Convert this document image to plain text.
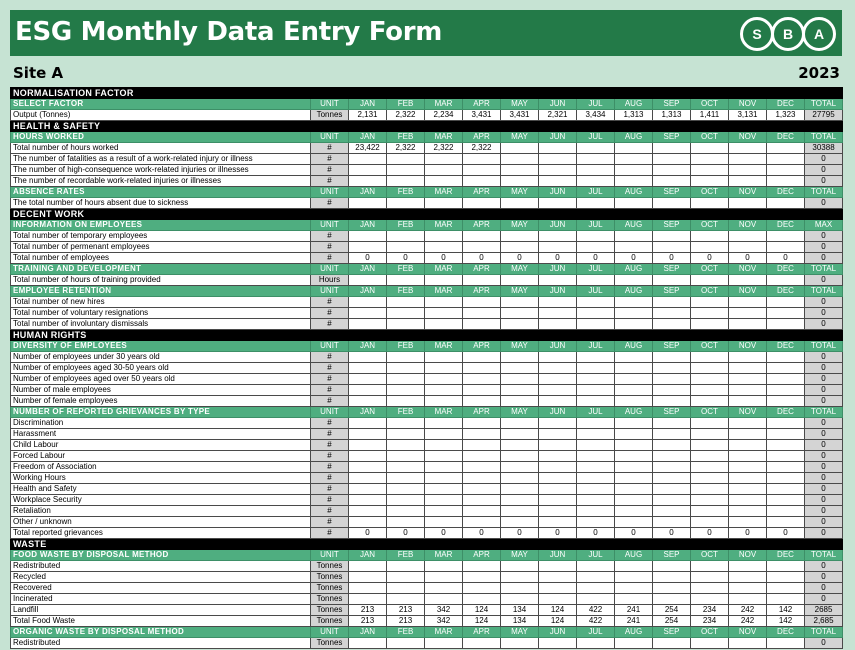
ESG Monthly Data Entry Form	S	B	A
Site A	2023
NORMALISATION FACTOR														
SELECT FACTOR	UNIT	JAN	FEB	MAR	APR	MAY	JUN	JUL	AUG	SEP	OCT	NOV	DEC	TOTAL
Output (Tonnes)	Tonnes	2,131	2,322	2,234	3,431	3,431	2,321	3,434	1,313	1,313	1,411	3,131	1,323	27795
HEALTH & SAFETY														
HOURS WORKED	UNIT	JAN	FEB	MAR	APR	MAY	JUN	JUL	AUG	SEP	OCT	NOV	DEC	TOTAL
Total number of hours worked	#	23,422	2,322	2,322	2,322									30388
The number of fatalities as a result of a work-related injury or illness	#													0
The number of high-consequence work-related injuries or illnesses	#													0
The number of recordable work-related injuries or illnesses	#													0
ABSENCE RATES	UNIT	JAN	FEB	MAR	APR	MAY	JUN	JUL	AUG	SEP	OCT	NOV	DEC	TOTAL
The total number of hours absent due to sickness	#													0
DECENT WORK														
INFORMATION ON EMPLOYEES	UNIT	JAN	FEB	MAR	APR	MAY	JUN	JUL	AUG	SEP	OCT	NOV	DEC	MAX
Total number of temporary employees	#													0
Total number of permenant employees	#													0
Total number of employees	#	0	0	0	0	0	0	0	0	0	0	0	0	0
TRAINING AND DEVELOPMENT	UNIT	JAN	FEB	MAR	APR	MAY	JUN	JUL	AUG	SEP	OCT	NOV	DEC	TOTAL
Total number of hours of training provided	Hours													0
EMPLOYEE RETENTION	UNIT	JAN	FEB	MAR	APR	MAY	JUN	JUL	AUG	SEP	OCT	NOV	DEC	TOTAL
Total number of new hires	#													0
Total number of voluntary resignations	#													0
Total number of involuntary dismissals	#													0
HUMAN RIGHTS														
DIVERSITY OF EMPLOYEES	UNIT	JAN	FEB	MAR	APR	MAY	JUN	JUL	AUG	SEP	OCT	NOV	DEC	TOTAL
Number of employees under 30 years old	#													0
Number of employees aged 30-50 years old	#													0
Number of employees aged over 50 years old	#													0
Number of male employees	#													0
Number of female employees	#													0
NUMBER OF REPORTED GRIEVANCES BY TYPE	UNIT	JAN	FEB	MAR	APR	MAY	JUN	JUL	AUG	SEP	OCT	NOV	DEC	TOTAL
Discrimination	#													0
Harassment	#													0
Child Labour	#													0
Forced Labour	#													0
Freedom of Association	#													0
Working Hours	#													0
Health and Safety	#													0
Workplace Security	#													0
Retaliation	#													0
Other / unknown	#													0
Total reported grievances	#	0	0	0	0	0	0	0	0	0	0	0	0	0
WASTE														
FOOD WASTE BY DISPOSAL METHOD	UNIT	JAN	FEB	MAR	APR	MAY	JUN	JUL	AUG	SEP	OCT	NOV	DEC	TOTAL
Redistributed	Tonnes													0
Recycled	Tonnes													0
Recovered	Tonnes													0
Incinerated	Tonnes													0
Landfill	Tonnes	213	213	342	124	134	124	422	241	254	234	242	142	2685
Total Food Waste	Tonnes	213	213	342	124	134	124	422	241	254	234	242	142	2,685
ORGANIC WASTE BY DISPOSAL METHOD	UNIT	JAN	FEB	MAR	APR	MAY	JUN	JUL	AUG	SEP	OCT	NOV	DEC	TOTAL
Redistributed	Tonnes													0
